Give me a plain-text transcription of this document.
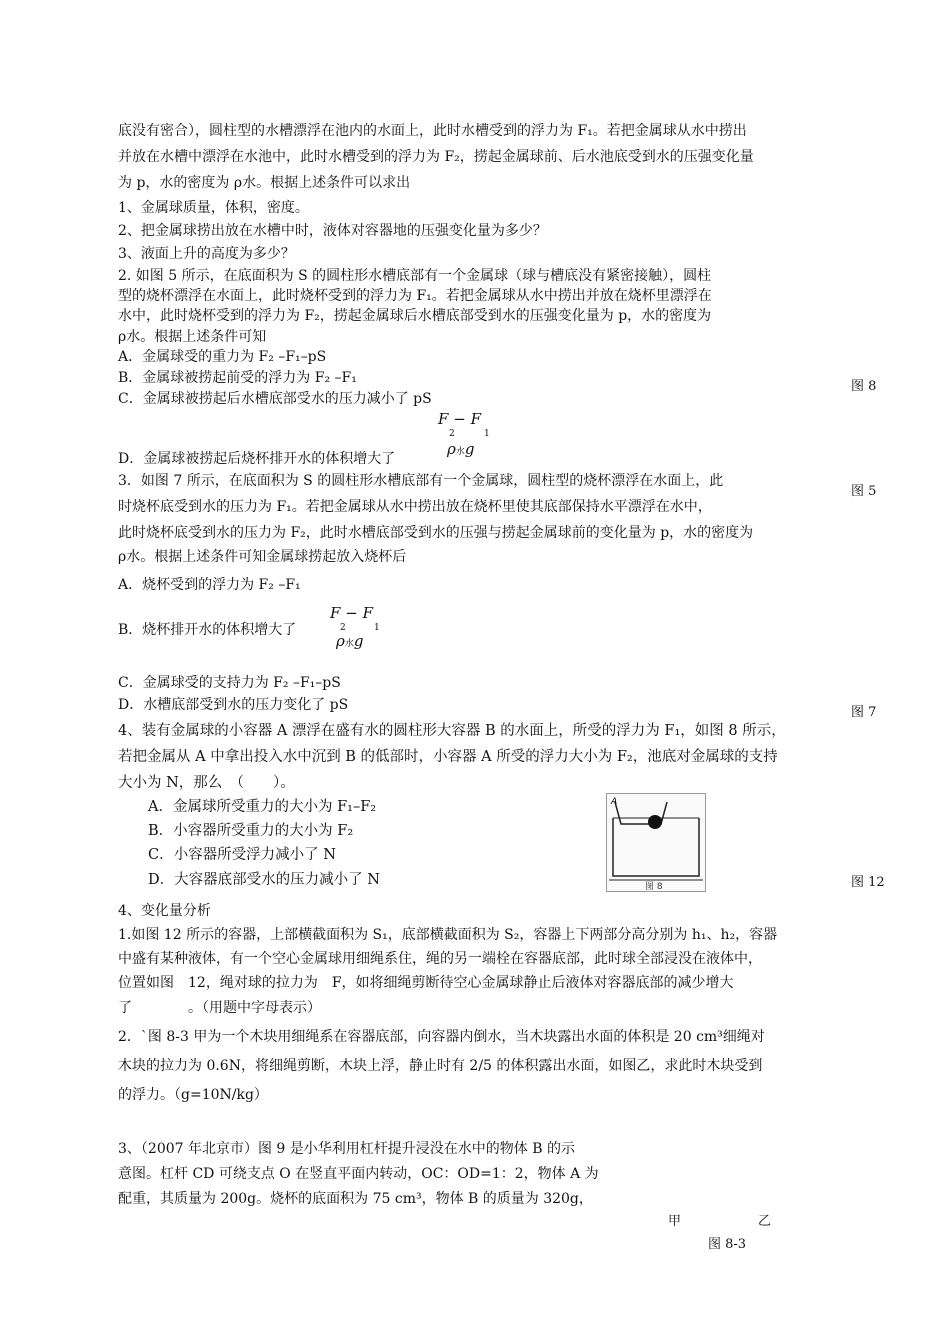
底没有密合），圆柱型的水槽漂浮在池内的水面上，此时水槽受到的浮力为 F₁。若把金属球从水中捞出
并放在水槽中漂浮在水池中，此时水槽受到的浮力为 F₂，捞起金属球前、后水池底受到水的压强变化量
为 p，水的密度为 ρ水。根据上述条件可以求出
1、金属球质量，体积，密度。
2、把金属球捞出放在水槽中时，液体对容器地的压强变化量为多少？
3、液面上升的高度为多少？
2. 如图 5 所示，在底面积为 S 的圆柱形水槽底部有一个金属球（球与槽底没有紧密接触），圆柱
型的烧杯漂浮在水面上，此时烧杯受到的浮力为 F₁。若把金属球从水中捞出并放在烧杯里漂浮在
水中，此时烧杯受到的浮力为 F₂，捞起金属球后水槽底部受到水的压强变化量为 p，水的密度为
ρ水。根据上述条件可知
A．金属球受的重力为 F₂ –F₁–pS
B．金属球被捞起前受的浮力为 F₂ –F₁
C．金属球被捞起后水槽底部受水的压力减小了 pS
图 8
F − F
2	1
ρ水g
D．金属球被捞起后烧杯排开水的体积增大了
3．如图 7 所示，在底面积为 S 的圆柱形水槽底部有一个金属球，圆柱型的烧杯漂浮在水面上，此
图 5
时烧杯底受到水的压力为 F₁。若把金属球从水中捞出放在烧杯里使其底部保持水平漂浮在水中，
此时烧杯底受到水的压力为 F₂，此时水槽底部受到水的压强与捞起金属球前的变化量为 p，水的密度为
ρ水。根据上述条件可知金属球捞起放入烧杯后
A．烧杯受到的浮力为 F₂ –F₁
F − F
2	1
ρ水g
B．烧杯排开水的体积增大了
C．金属球受的支持力为 F₂ –F₁–pS
D．水槽底部受到水的压力变化了 pS	图 7
4、装有金属球的小容器 A 漂浮在盛有水的圆柱形大容器 B 的水面上，所受的浮力为 F₁，如图 8 所示，
若把金属从 A 中拿出投入水中沉到 B 的低部时，小容器 A 所受的浮力大小为 F₂，池底对金属球的支持
大小为 N，那么　（　　）。
A．金属球所受重力的大小为 F₁–F₂
B．小容器所受重力的大小为 F₂
C．小容器所受浮力减小了 N
D．大容器底部受水的压力减小了 N	图 12
A
图 8
4、变化量分析
1.如图 12 所示的容器，上部横截面积为 S₁，底部横截面积为 S₂，容器上下两部分高分别为 h₁、h₂，容器
中盛有某种液体，有一个空心金属球用细绳系住，绳的另一端栓在容器底部，此时球全部浸没在液体中，
位置如图　12，绳对球的拉力为　F，如将细绳剪断待空心金属球静止后液体对容器底部的减少增大
了　　　　。（用题中字母表示）
2．`图 8-3 甲为一个木块用细绳系在容器底部，向容器内倒水，当木块露出水面的体积是 20 cm³细绳对
木块的拉力为 0.6N，将细绳剪断，木块上浮，静止时有 2/5 的体积露出水面，如图乙，求此时木块受到
的浮力。（g=10N/kg）
3、（2007 年北京市）图 9 是小华利用杠杆提升浸没在水中的物体 B 的示
意图。杠杆 CD 可绕支点 O 在竖直平面内转动，OC：OD=1：2，物体 A 为
配重，其质量为 200g。烧杯的底面积为 75 cm³，物体 B 的质量为 320g，
甲	乙
图 8-3
